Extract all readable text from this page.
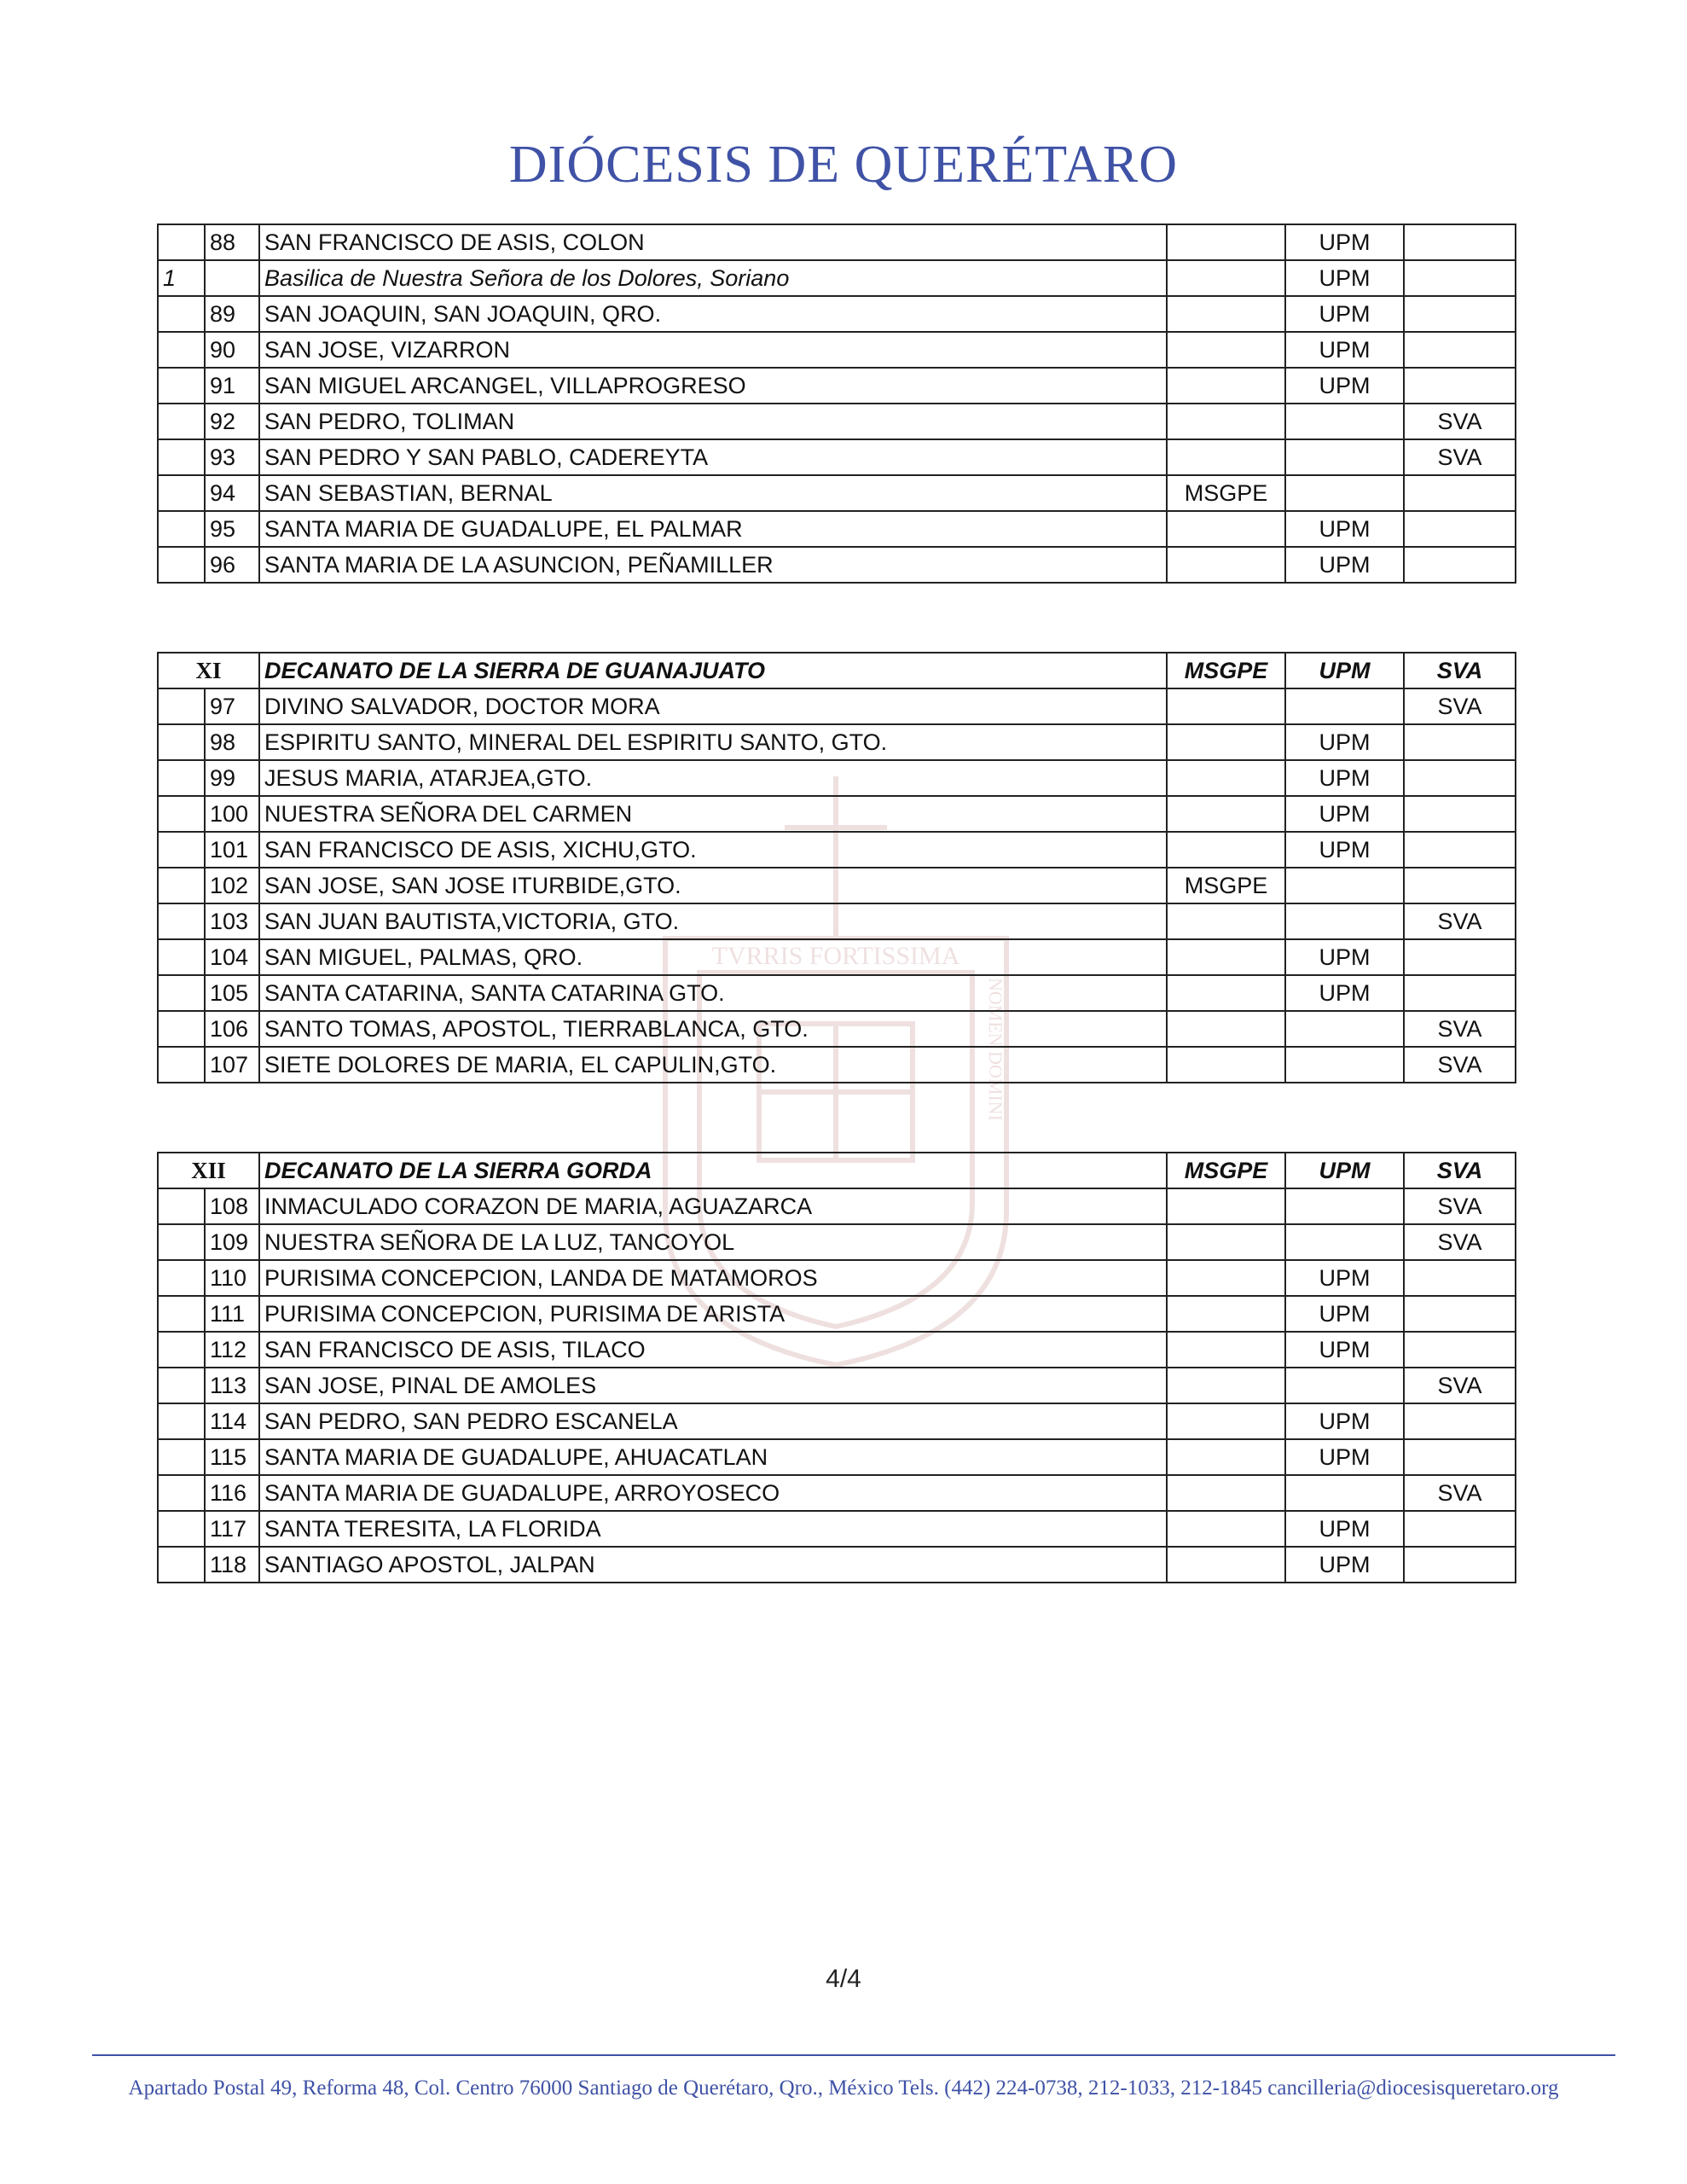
DIÓCESIS DE QUERÉTARO
TVRRIS FORTISSIMA
NOMEN DOMINI
	88	SAN FRANCISCO DE ASIS, COLON		UPM	
1		Basilica de Nuestra Señora de los Dolores, Soriano		UPM	
	89	SAN JOAQUIN, SAN JOAQUIN, QRO.		UPM	
	90	SAN JOSE, VIZARRON		UPM	
	91	SAN MIGUEL ARCANGEL, VILLAPROGRESO		UPM	
	92	SAN PEDRO, TOLIMAN			SVA
	93	SAN PEDRO Y SAN PABLO, CADEREYTA			SVA
	94	SAN SEBASTIAN, BERNAL	MSGPE		
	95	SANTA MARIA DE GUADALUPE, EL PALMAR		UPM	
	96	SANTA MARIA DE LA ASUNCION, PEÑAMILLER		UPM	
XI		DECANATO DE LA SIERRA DE GUANAJUATO	MSGPE	UPM	SVA
	97	DIVINO SALVADOR, DOCTOR MORA			SVA
	98	ESPIRITU SANTO, MINERAL DEL ESPIRITU SANTO, GTO.		UPM	
	99	JESUS MARIA, ATARJEA,GTO.		UPM	
	100	NUESTRA SEÑORA DEL CARMEN		UPM	
	101	SAN FRANCISCO DE ASIS, XICHU,GTO.		UPM	
	102	SAN JOSE, SAN JOSE ITURBIDE,GTO.	MSGPE		
	103	SAN JUAN BAUTISTA,VICTORIA, GTO.			SVA
	104	SAN MIGUEL, PALMAS, QRO.		UPM	
	105	SANTA CATARINA, SANTA CATARINA GTO.		UPM	
	106	SANTO TOMAS, APOSTOL, TIERRABLANCA, GTO.			SVA
	107	SIETE DOLORES DE MARIA, EL CAPULIN,GTO.			SVA
XII		DECANATO DE LA SIERRA GORDA	MSGPE	UPM	SVA
	108	INMACULADO CORAZON DE MARIA, AGUAZARCA			SVA
	109	NUESTRA SEÑORA DE LA LUZ, TANCOYOL			SVA
	110	PURISIMA CONCEPCION, LANDA DE MATAMOROS		UPM	
	111	PURISIMA CONCEPCION, PURISIMA DE ARISTA		UPM	
	112	SAN FRANCISCO DE ASIS, TILACO		UPM	
	113	SAN JOSE, PINAL DE AMOLES			SVA
	114	SAN PEDRO, SAN PEDRO ESCANELA		UPM	
	115	SANTA MARIA DE GUADALUPE, AHUACATLAN		UPM	
	116	SANTA MARIA DE GUADALUPE, ARROYOSECO			SVA
	117	SANTA TERESITA, LA FLORIDA		UPM	
	118	SANTIAGO APOSTOL, JALPAN		UPM	
4/4
Apartado Postal 49, Reforma 48, Col. Centro 76000 Santiago de Querétaro, Qro., México Tels. (442) 224-0738, 212-1033, 212-1845 cancilleria@diocesisqueretaro.org
